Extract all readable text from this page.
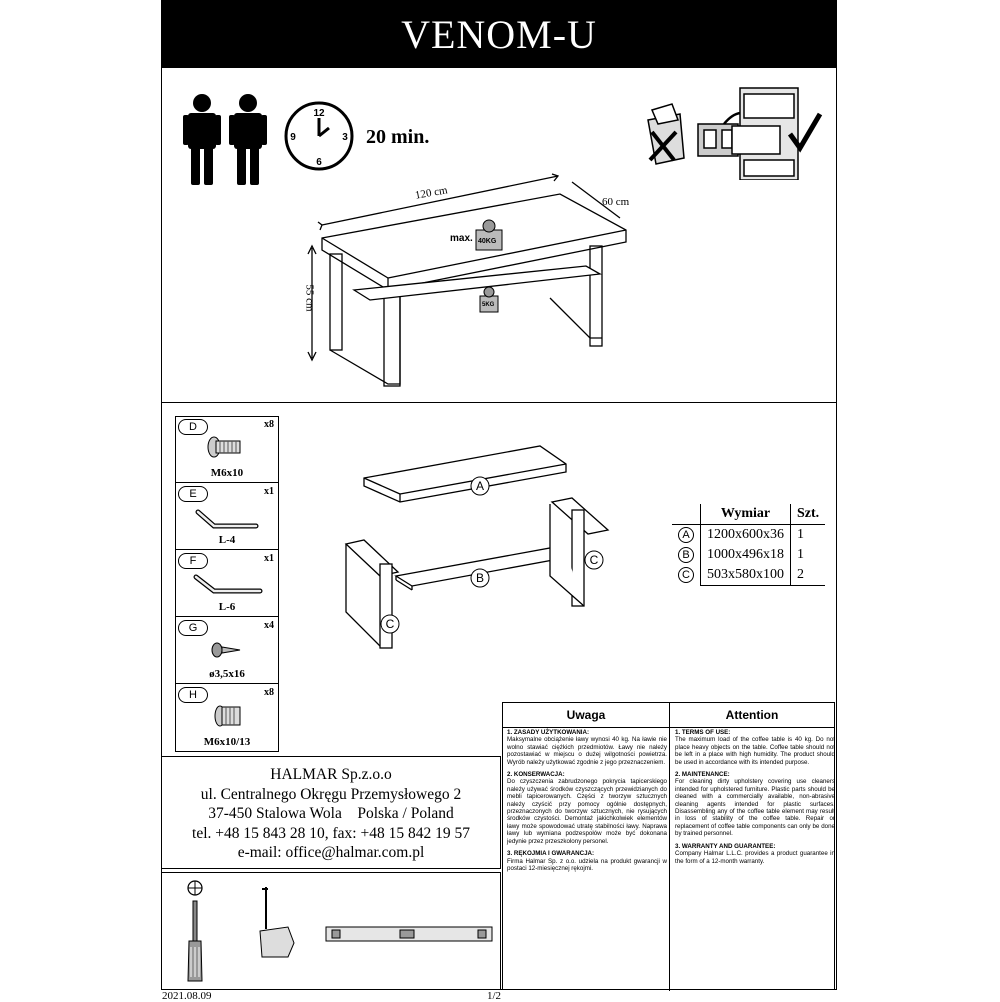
VENOM-U
12
3
6
9	20 min.
120 cm
60 cm
55 cm
max. 40KG
5KG
D	x8
M6x10
E	x1
L-4
F	x1
L-6
G	x4
ø3,5x16
H	x8
M6x10/13
A
B
C
C
	Wymiar	Szt.
A	1200x600x36	1
B	1000x496x18	1
C	503x580x100	2
HALMAR Sp.z.o.o
ul. Centralnego Okręgu Przemysłowego 2
37-450 Stalowa Wola    Polska / Poland
tel. +48 15 843 28 10, fax: +48 15 842 19 57
e-mail: office@halmar.com.pl
Uwaga	Attention

1. ZASADY UŻYTKOWANIA:

Maksymalne obciążenie ławy wynosi 40 kg. Na ławie nie wolno stawiać ciężkich przedmiotów. Ławy nie należy pozostawiać w miejscu o dużej wilgotności powietrza. Wyrób należy użytkować zgodnie z jego przeznaczeniem.

2. KONSERWACJA:

Do czyszczenia zabrudzonego pokrycia tapicerskiego należy używać środków czyszczących przewidzianych do mebli tapicerowanych. Części z tworzyw sztucznych należy czyścić przy pomocy ogólnie dostępnych, przeznaczonych do tworzyw sztucznych, nie rysujących środków czystości. Demontaż jakichkolwiek elementów ławy może spowodować utratę stabilności ławy. Naprawa ławy lub wymiana podzespołów może być dokonana jedynie przez przeszkolony personel.

3. RĘKOJMIA I GWARANCJA:

Firma Halmar Sp. z o.o. udziela na produkt gwarancji w postaci 12-miesięcznej rękojmi.

1. TERMS OF USE:

The maximum load of the coffee table is 40 kg. Do not place heavy objects on the table. Coffee table should not be left in a place with high humidity. The product should be used in accordance with its intended purpose.

2. MAINTENANCE:

For cleaning dirty upholstery covering use cleaners intended for upholstered furniture. Plastic parts should be cleaned with a commercially available, non-abrasive cleaning agents intended for plastic surfaces. Disassembling any of the coffee table element may result in loss of stability of the coffee table. Repair or replacement of coffee table components can only be done by trained personnel.

3. WARRANTY AND GUARANTEE:

Company Halmar L.L.C. provides a product guarantee in the form of a 12-month warranty.

2021.08.09	1/2
